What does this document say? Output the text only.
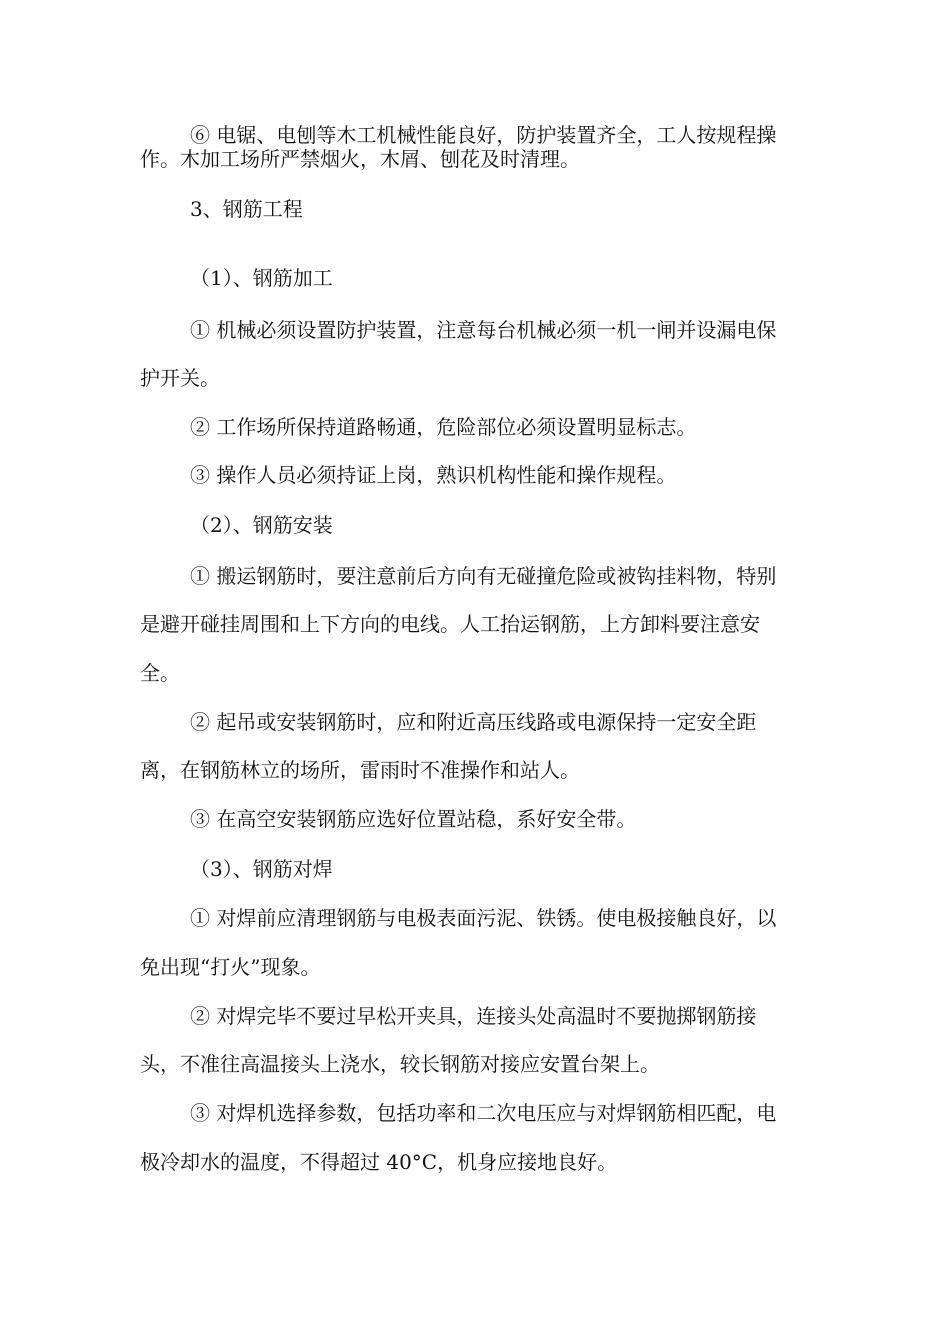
⑥ 电锯、电刨等木工机械性能良好，防护装置齐全，工人按规程操
作。木加工场所严禁烟火，木屑、刨花及时清理。
3、钢筋工程
（1）、钢筋加工
① 机械必须设置防护装置，注意每台机械必须一机一闸并设漏电保
护开关。
② 工作场所保持道路畅通，危险部位必须设置明显标志。
③ 操作人员必须持证上岗，熟识机构性能和操作规程。
（2）、钢筋安装
① 搬运钢筋时，要注意前后方向有无碰撞危险或被钩挂料物，特别
是避开碰挂周围和上下方向的电线。人工抬运钢筋，上方卸料要注意安
全。
② 起吊或安装钢筋时，应和附近高压线路或电源保持一定安全距
离，在钢筋林立的场所，雷雨时不准操作和站人。
③ 在高空安装钢筋应选好位置站稳，系好安全带。
（3）、钢筋对焊
① 对焊前应清理钢筋与电极表面污泥、铁锈。使电极接触良好，以
免出现“打火”现象。
② 对焊完毕不要过早松开夹具，连接头处高温时不要抛掷钢筋接
头，不准往高温接头上浇水，较长钢筋对接应安置台架上。
③ 对焊机选择参数，包括功率和二次电压应与对焊钢筋相匹配，电
极冷却水的温度，不得超过 40°C，机身应接地良好。
